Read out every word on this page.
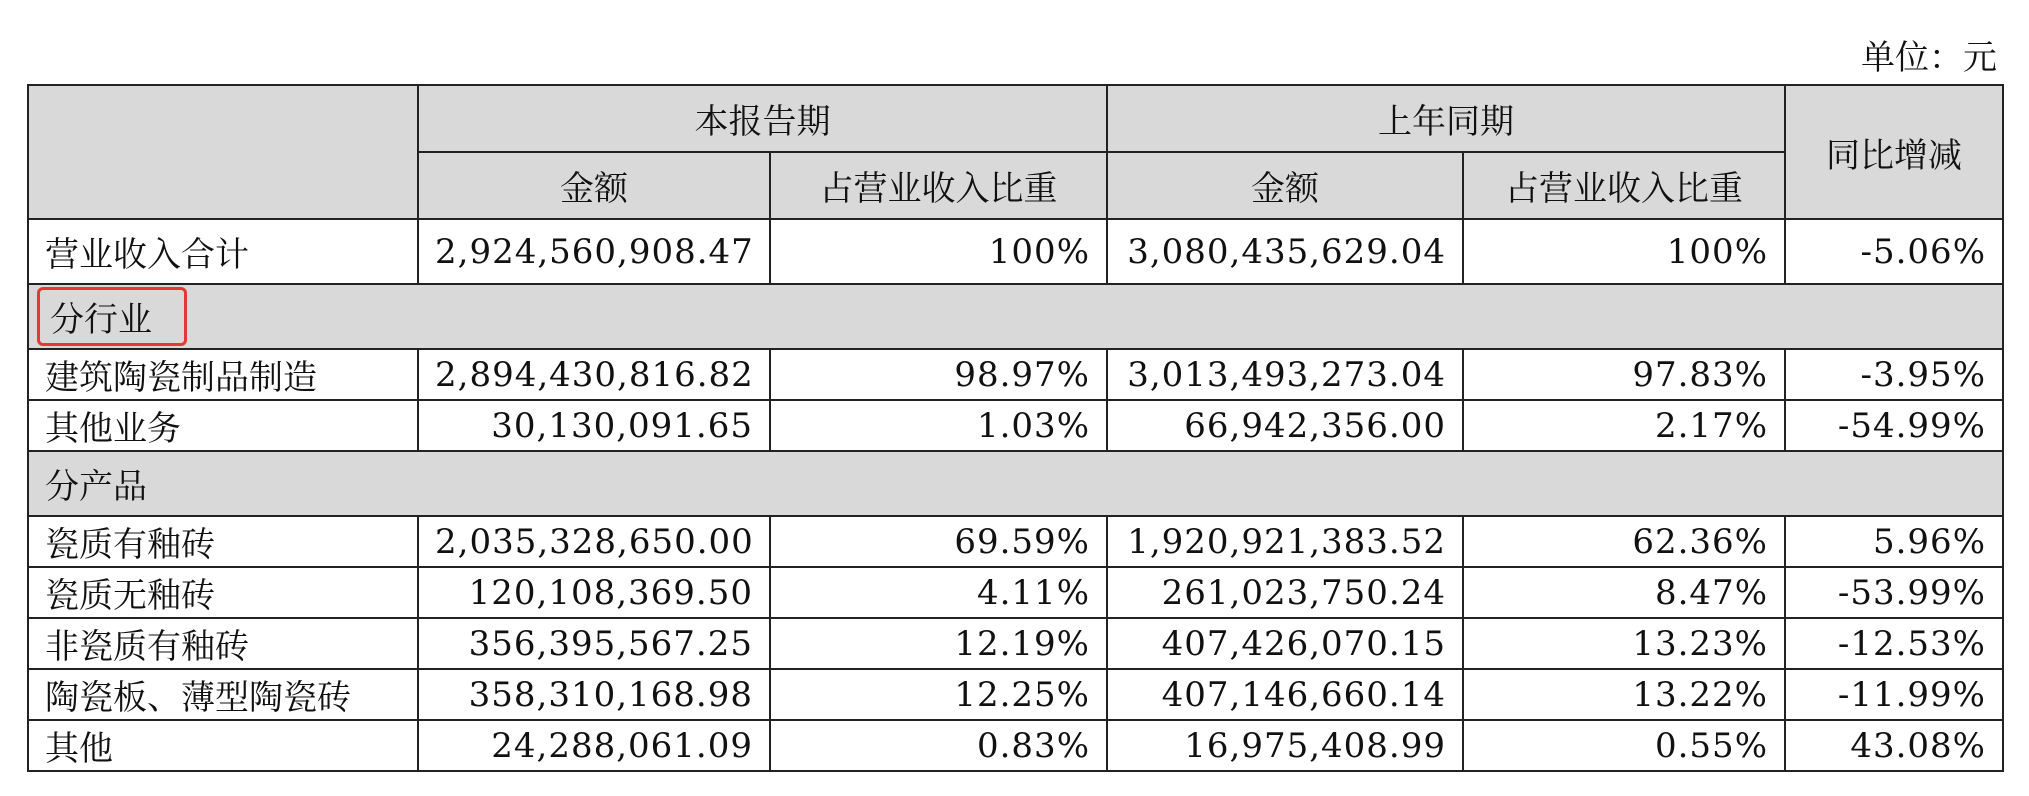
单位：元
	本报告期		上年同期		同比增减
	金额	占营业收入比重	金额	占营业收入比重	
营业收入合计	2,924,560,908.47	100%	3,080,435,629.04	100%	-5.06%
分行业					
建筑陶瓷制品制造	2,894,430,816.82	98.97%	3,013,493,273.04	97.83%	-3.95%
其他业务	30,130,091.65	1.03%	66,942,356.00	2.17%	-54.99%
分产品					
瓷质有釉砖	2,035,328,650.00	69.59%	1,920,921,383.52	62.36%	5.96%
瓷质无釉砖	120,108,369.50	4.11%	261,023,750.24	8.47%	-53.99%
非瓷质有釉砖	356,395,567.25	12.19%	407,426,070.15	13.23%	-12.53%
陶瓷板、薄型陶瓷砖	358,310,168.98	12.25%	407,146,660.14	13.22%	-11.99%
其他	24,288,061.09	0.83%	16,975,408.99	0.55%	43.08%
